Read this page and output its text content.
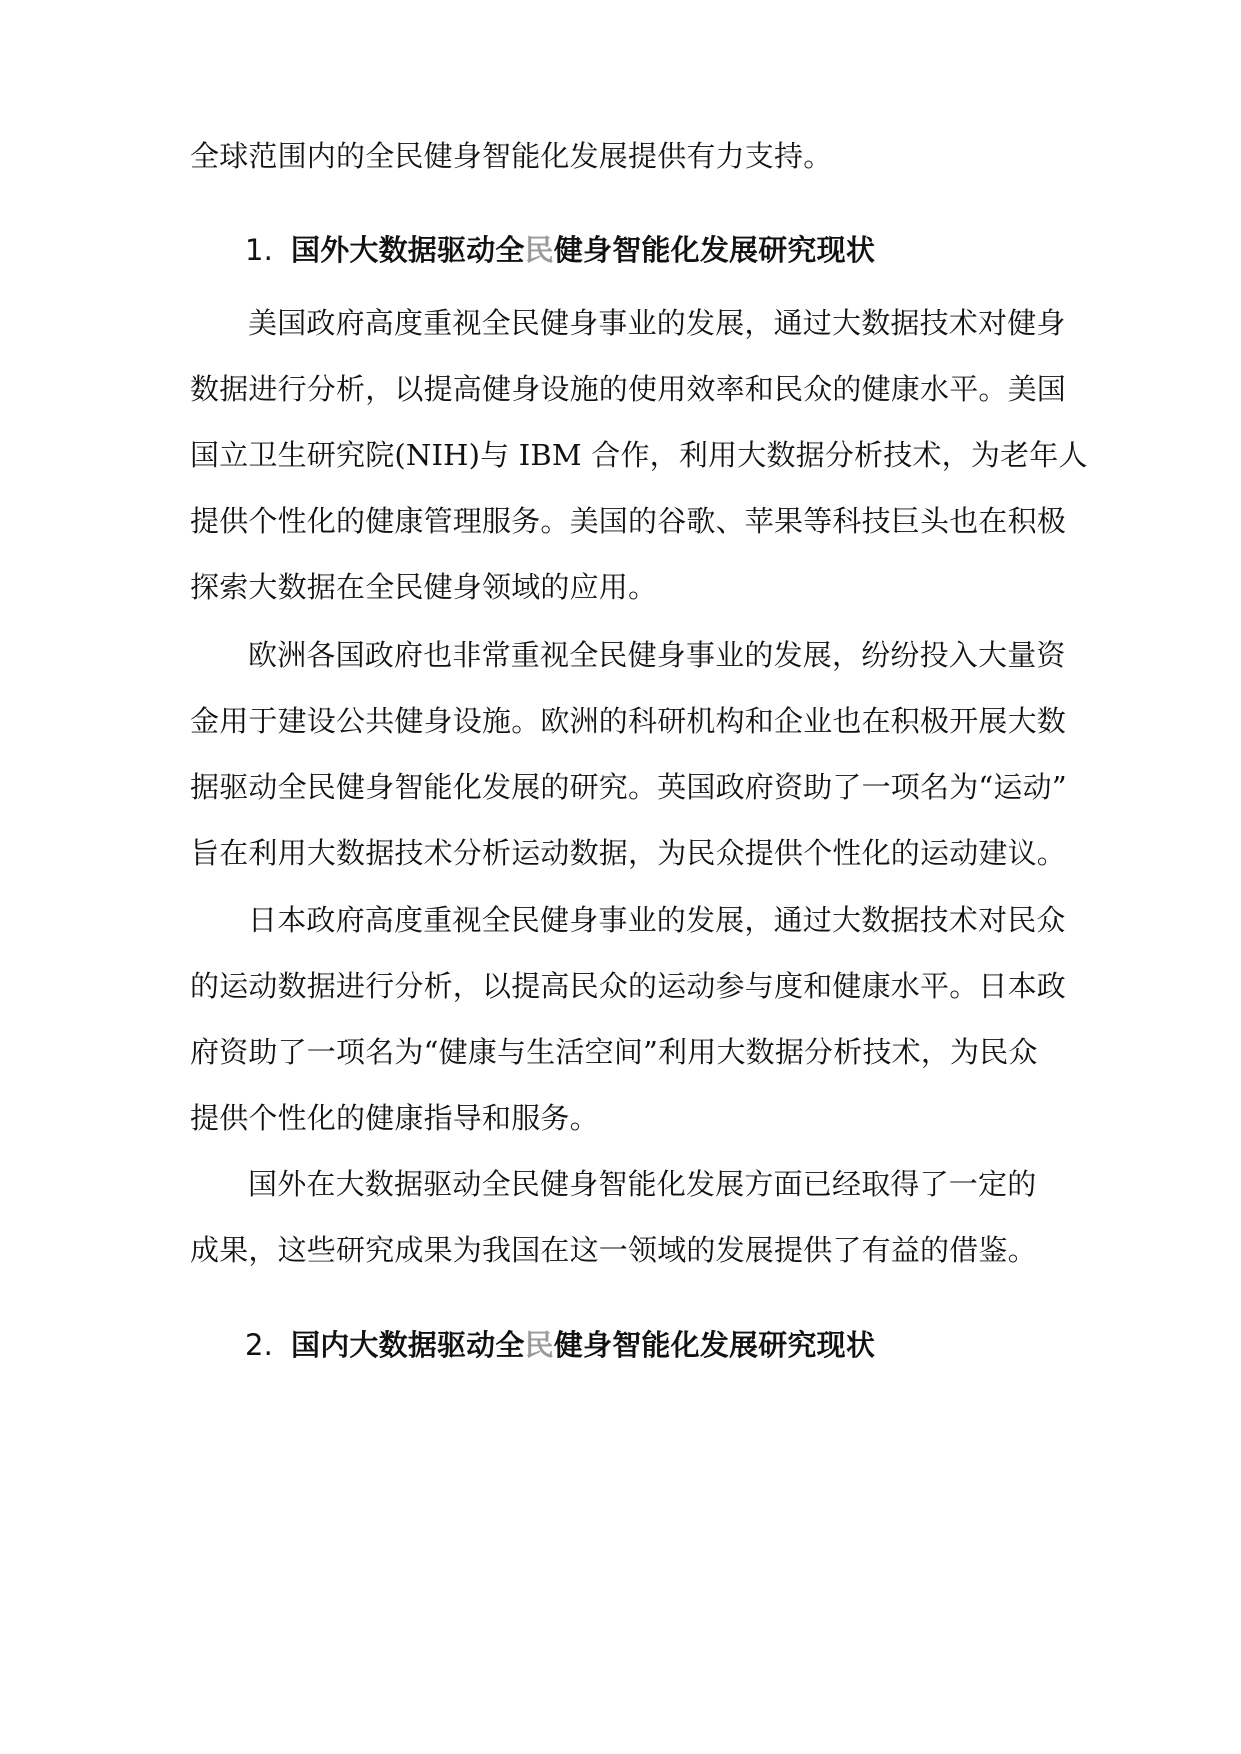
全球范围内的全民健身智能化发展提供有力支持。
1. 国外大数据驱动全民健身智能化发展研究现状
美国政府高度重视全民健身事业的发展，通过大数据技术对健身
数据进行分析，以提高健身设施的使用效率和民众的健康水平。美国
国立卫生研究院(NIH)与 IBM 合作，利用大数据分析技术，为老年人
提供个性化的健康管理服务。美国的谷歌、苹果等科技巨头也在积极
探索大数据在全民健身领域的应用。
欧洲各国政府也非常重视全民健身事业的发展，纷纷投入大量资
金用于建设公共健身设施。欧洲的科研机构和企业也在积极开展大数
据驱动全民健身智能化发展的研究。英国政府资助了一项名为“运动”
旨在利用大数据技术分析运动数据，为民众提供个性化的运动建议。
日本政府高度重视全民健身事业的发展，通过大数据技术对民众
的运动数据进行分析，以提高民众的运动参与度和健康水平。日本政
府资助了一项名为“健康与生活空间”利用大数据分析技术，为民众
提供个性化的健康指导和服务。
国外在大数据驱动全民健身智能化发展方面已经取得了一定的
成果，这些研究成果为我国在这一领域的发展提供了有益的借鉴。
2. 国内大数据驱动全民健身智能化发展研究现状
